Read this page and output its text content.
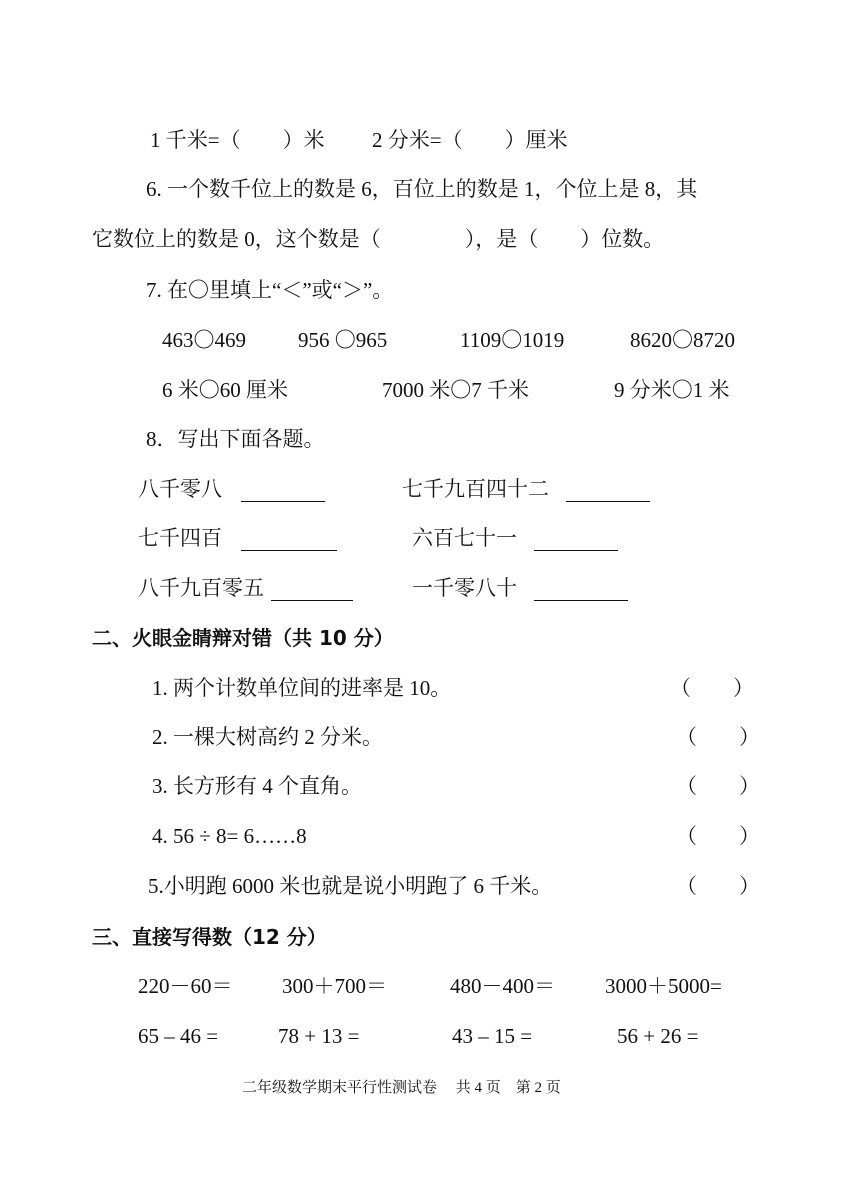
1 千米=（　　）米 2 分米=（　　）厘米
6. 一个数千位上的数是 6，百位上的数是 1，个位上是 8，其
它数位上的数是 0，这个数是（　　　　），是（　　）位数。
7. 在〇里填上“＜”或“＞”。
463〇469 956 〇965	1109〇1019	8620〇8720
6 米〇60 厘米	7000 米〇7 千米	9 分米〇1 米
8．写出下面各题。
八千零八	七千九百四十二
七千四百	六百七十一
八千九百零五	一千零八十
二、火眼金睛辩对错（共 10 分）
1. 两个计数单位间的进率是 10。	（　　）
2. 一棵大树高约 2 分米。	（　　）
3. 长方形有 4 个直角。	（　　）
4. 56 ÷ 8= 6……8	（　　）
5.小明跑 6000 米也就是说小明跑了 6 千米。	（　　）
三、直接写得数（12 分）
220－60＝ 300＋700＝	480－400＝ 3000＋5000=
65 – 46 =	78 + 13 =	43 – 15 =	56 + 26 =
二年级数学期末平行性测试卷　 共 4 页　第 2 页
